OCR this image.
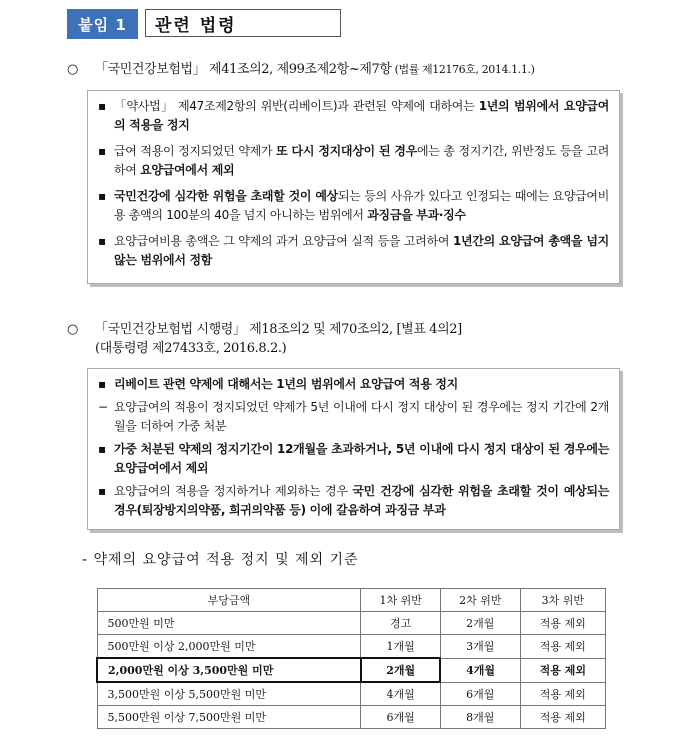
붙임 1	관련 법령
○ 「국민건강보험법」 제41조의2, 제99조제2항~제7항 (법률 제12176호, 2014.1.1.)
▪ 「약사법」 제47조제2항의 위반(리베이트)과 관련된 약제에 대하여는 1년의 범위에서 요양급여의 적용을 정지
▪ 급여 적용이 정지되었던 약제가 또 다시 정지대상이 된 경우에는 총 정지기간, 위반정도 등을 고려하여 요양급여에서 제외
▪ 국민건강에 심각한 위험을 초래할 것이 예상되는 등의 사유가 있다고 인정되는 때에는 요양급여비용 총액의 100분의 40을 넘지 아니하는 범위에서 과징금을 부과·징수
▪ 요양급여비용 총액은 그 약제의 과거 요양급여 실적 등을 고려하여 1년간의 요양급여 총액을 넘지 않는 범위에서 정함
○ 「국민건강보험법 시행령」 제18조의2 및 제70조의2, [별표 4의2]
(대통령령 제27433호, 2016.8.2.)
▪ 리베이트 관련 약제에 대해서는 1년의 범위에서 요양급여 적용 정지
− 요양급여의 적용이 정지되었던 약제가 5년 이내에 다시 정지 대상이 된 경우에는 정지 기간에 2개월을 더하여 가중 처분
▪ 가중 처분된 약제의 정지기간이 12개월을 초과하거나, 5년 이내에 다시 정지 대상이 된 경우에는 요양급여에서 제외
▪ 요양급여의 적용을 정지하거나 제외하는 경우 국민 건강에 심각한 위험을 초래할 것이 예상되는 경우(퇴장방지의약품, 희귀의약품 등) 이에 갈음하여 과징금 부과
- 약제의 요양급여 적용 정지 및 제외 기준
부당금액	1차 위반	2차 위반	3차 위반
500만원 미만	경고	2개월	적용 제외
500만원 이상 2,000만원 미만	1개월	3개월	적용 제외
2,000만원 이상 3,500만원 미만	2개월	4개월	적용 제외
3,500만원 이상 5,500만원 미만	4개월	6개월	적용 제외
5,500만원 이상 7,500만원 미만	6개월	8개월	적용 제외
